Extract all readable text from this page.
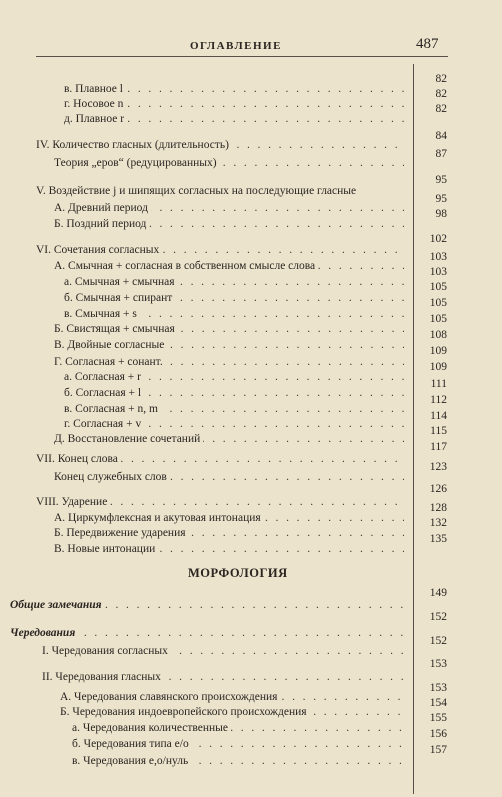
ОГЛАВЛЕНИЕ	487
в. Плавное l . . .
82
г. Носовое n . . .
82
д. Плавное r . . .
82
IV. Количество гласных (длительность) . . .
84
Теория „еров“ (редуцированных) . . .
87
V. Воздействие j и шипящих согласных на последующие гласные
95
А. Древний период . . .
95
Б. Поздний период . . .
98
VI. Сочетания согласных . . .
102
А. Смычная + согласная в собственном смысле слова . . .
103
а. Смычная + смычная . . .
103
б. Смычная + спирант . . .
105
в. Смычная + s . . .
105
Б. Свистящая + смычная . . .
105
В. Двойные согласные . . .
108
Г. Согласная + сонант. . . .
109
а. Согласная + r . . .
109
б. Согласная + l . . .
111
в. Согласная + n, m . . .
112
г. Согласная + v . . .
114
Д. Восстановление сочетаний . . .
115
VII. Конец слова . . .
117
Конец служебных слов . . .
123
VIII. Ударение . . .
126
А. Циркумфлексная и акутовая интонация . . .
128
Б. Передвижение ударения . . .
132
В. Новые интонации . . .
135
МОРФОЛОГИЯ
Общие замечания . . .
149
Чередования . . .
152
I. Чередования согласных . . .
152
II. Чередования гласных . . .
153
А. Чередования славянского происхождения . . .
153
Б. Чередования индоевропейского происхождения . . .
154
а. Чередования количественные . . .
155
б. Чередования типа e/o . . .
156
в. Чередования e,o/нуль . . .
157
